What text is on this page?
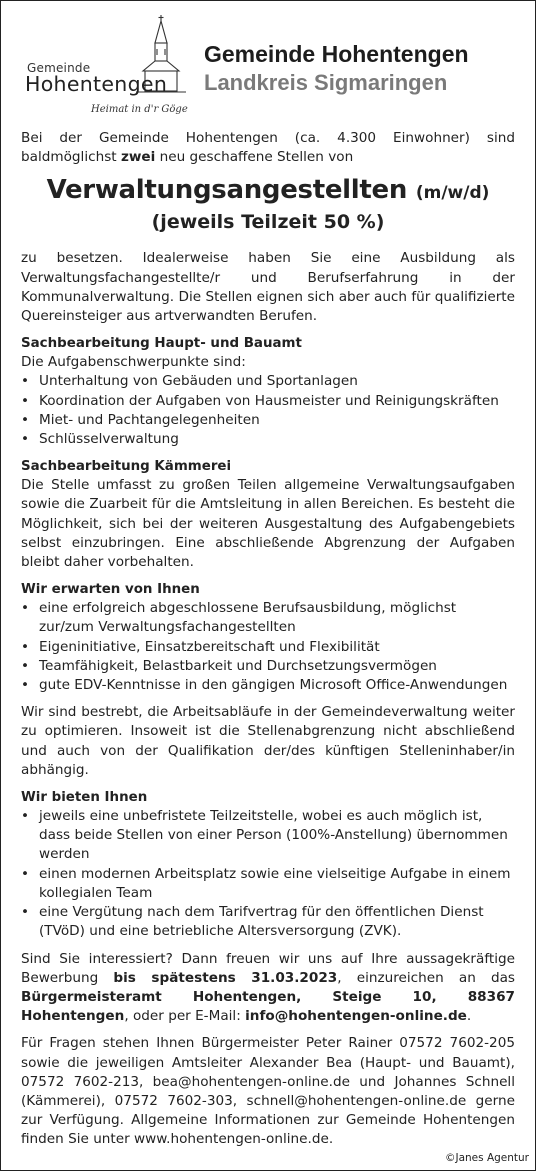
Gemeinde
Hohentengen
Heimat in d'r Göge
Gemeinde Hohentengen
Landkreis Sigmaringen

Bei der Gemeinde Hohentengen (ca. 4.300 Einwohner) sind baldmöglichst zwei neu geschaffene Stellen von

Verwaltungsangestellten (m/w/d)
(jeweils Teilzeit 50 %)

zu besetzen. Idealerweise haben Sie eine Ausbildung als Verwaltungsfachangestellte/r und Berufserfahrung in der Kommunalverwaltung. Die Stellen eignen sich aber auch für qualifizierte Quereinsteiger aus artverwandten Berufen.

Sachbearbeitung Haupt- und Bauamt

Die Aufgabenschwerpunkte sind:

• Unterhaltung von Gebäuden und Sportanlagen
• Koordination der Aufgaben von Hausmeister und Reinigungskräften
• Miet- und Pachtangelegenheiten
• Schlüsselverwaltung
Sachbearbeitung Kämmerei

Die Stelle umfasst zu großen Teilen allgemeine Verwaltungsaufgaben sowie die Zuarbeit für die Amtsleitung in allen Bereichen. Es besteht die Möglichkeit, sich bei der weiteren Ausgestaltung des Aufgabengebiets selbst einzubringen. Eine abschließende Abgrenzung der Aufgaben bleibt daher vorbehalten.

Wir erwarten von Ihnen
• eine erfolgreich abgeschlossene Berufsausbildung, möglichst zur/zum Verwaltungsfachangestellten
• Eigeninitiative, Einsatzbereitschaft und Flexibilität
• Teamfähigkeit, Belastbarkeit und Durchsetzungsvermögen
• gute EDV-Kenntnisse in den gängigen Microsoft Office-Anwendungen

Wir sind bestrebt, die Arbeitsabläufe in der Gemeindeverwaltung weiter zu optimieren. Insoweit ist die Stellenabgrenzung nicht abschließend und auch von der Qualifikation der/des künftigen Stelleninhaber/in abhängig.

Wir bieten Ihnen
• jeweils eine unbefristete Teilzeitstelle, wobei es auch möglich ist, dass beide Stellen von einer Person (100%-Anstellung) übernommen werden
• einen modernen Arbeitsplatz sowie eine vielseitige Aufgabe in einem kollegialen Team
• eine Vergütung nach dem Tarifvertrag für den öffentlichen Dienst (TVöD) und eine betriebliche Altersversorgung (ZVK).

Sind Sie interessiert? Dann freuen wir uns auf Ihre aussagekräftige Bewerbung bis spätestens 31.03.2023, einzureichen an das Bürgermeisteramt Hohentengen, Steige 10, 88367 Hohentengen, oder per E-Mail: info@hohentengen-online.de.

Für Fragen stehen Ihnen Bürgermeister Peter Rainer 07572 7602-205 sowie die jeweiligen Amtsleiter Alexander Bea (Haupt- und Bauamt), 07572 7602-213, bea@hohentengen-online.de und Johannes Schnell (Kämmerei), 07572 7602-303, schnell@hohentengen-online.de gerne zur Verfügung. Allgemeine Informationen zur Gemeinde Hohentengen finden Sie unter www.hohentengen-online.de.

©Janes Agentur
